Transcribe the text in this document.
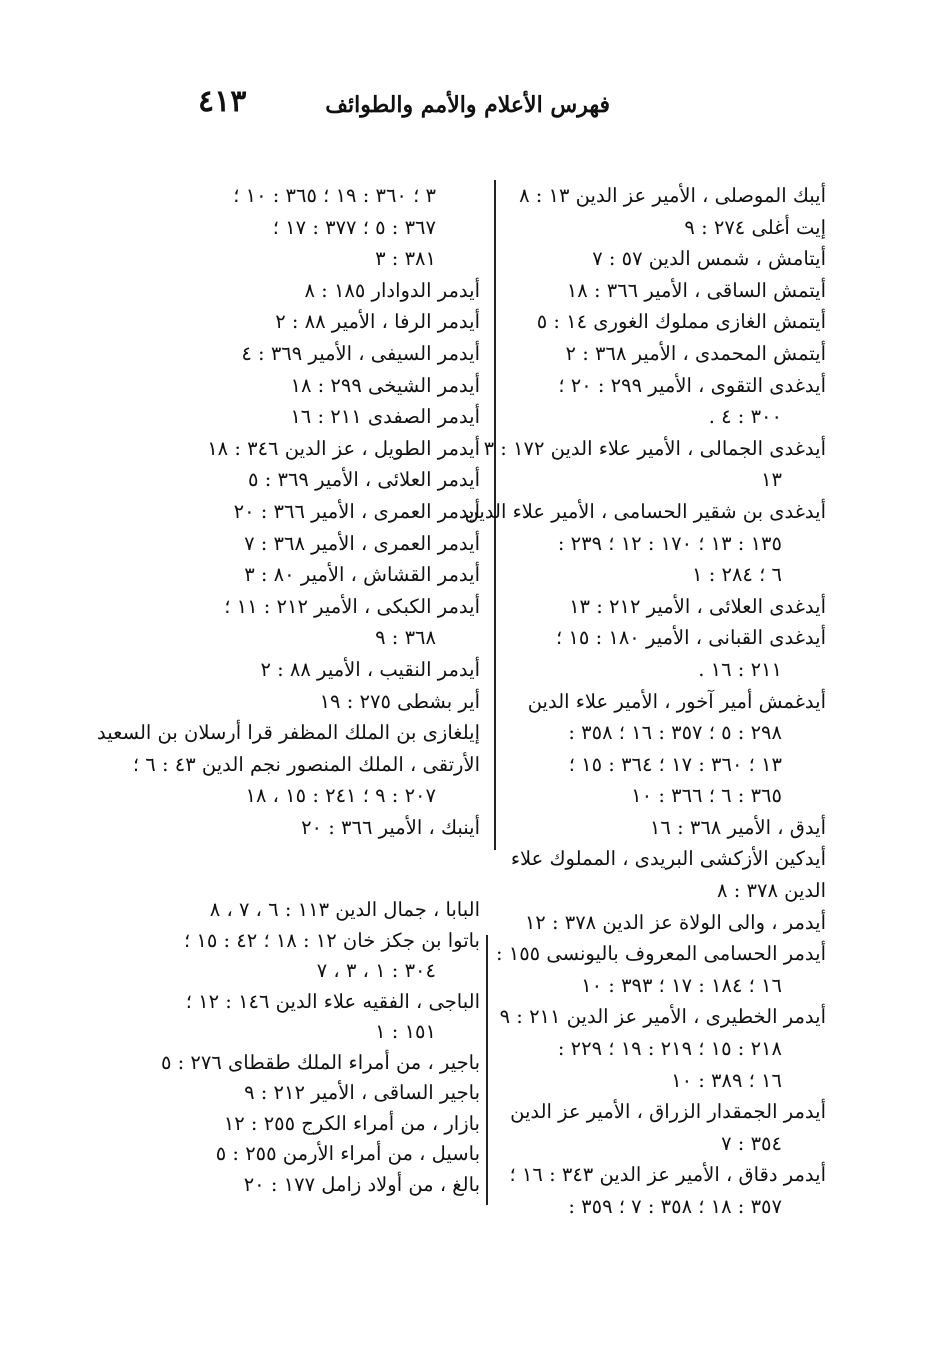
٤١٣	فهرس الأعلام والأمم والطوائف
أيبك الموصلى ، الأمير عز الدين ١٣ : ٨
إيت أغلى ٢٧٤ : ٩
أيتامش ، شمس الدين ٥٧ : ٧
أيتمش الساقى ، الأمير ٣٦٦ : ١٨
أيتمش الغازى مملوك الغورى ١٤ : ٥
أيتمش المحمدى ، الأمير ٣٦٨ : ٢
أيدغدى التقوى ، الأمير ٢٩٩ : ٢٠ ؛
٣٠٠ : ٤ .
أيدغدى الجمالى ، الأمير علاء الدين ١٧٢ : ٣
١٣
أيدغدى بن شقير الحسامى ، الأمير علاء الدين
١٣٥ : ١٣ ؛ ١٧٠ : ١٢ ؛ ٢٣٩ :
٦ ؛ ٢٨٤ : ١
أيدغدى العلائى ، الأمير ٢١٢ : ١٣
أيدغدى القبانى ، الأمير ١٨٠ : ١٥ ؛
٢١١ : ١٦ .
أيدغمش أمير آخور ، الأمير علاء الدين
٢٩٨ : ٥ ؛ ٣٥٧ : ١٦ ؛ ٣٥٨ :
١٣ ؛ ٣٦٠ : ١٧ ؛ ٣٦٤ : ١٥ ؛
٣٦٥ : ٦ ؛ ٣٦٦ : ١٠
أيدق ، الأمير ٣٦٨ : ١٦
أيدكين الأزكشى البريدى ، المملوك علاء
الدين ٣٧٨ : ٨
أيدمر ، والى الولاة عز الدين ٣٧٨ : ١٢
أيدمر الحسامى المعروف باليونسى ١٥٥ :
١٦ ؛ ١٨٤ : ١٧ ؛ ٣٩٣ : ١٠
أيدمر الخطيرى ، الأمير عز الدين ٢١١ : ٩
٢١٨ : ١٥ ؛ ٢١٩ : ١٩ ؛ ٢٢٩ :
١٦ ؛ ٣٨٩ : ١٠
أيدمر الجمقدار الزراق ، الأمير عز الدين
٣٥٤ : ٧
أيدمر دقاق ، الأمير عز الدين ٣٤٣ : ١٦ ؛
٣٥٧ : ١٨ ؛ ٣٥٨ : ٧ ؛ ٣٥٩ :
٣ ؛ ٣٦٠ : ١٩ ؛ ٣٦٥ : ١٠ ؛
٣٦٧ : ٥ ؛ ٣٧٧ : ١٧ ؛
٣٨١ : ٣
أيدمر الدوادار ١٨٥ : ٨
أيدمر الرفا ، الأمير ٨٨ : ٢
أيدمر السيفى ، الأمير ٣٦٩ : ٤
أيدمر الشيخى ٢٩٩ : ١٨
أيدمر الصفدى ٢١١ : ١٦
أيدمر الطويل ، عز الدين ٣٤٦ : ١٨
أيدمر العلائى ، الأمير ٣٦٩ : ٥
أيدمر العمرى ، الأمير ٣٦٦ : ٢٠
أيدمر العمرى ، الأمير ٣٦٨ : ٧
أيدمر القشاش ، الأمير ٨٠ : ٣
أيدمر الكبكى ، الأمير ٢١٢ : ١١ ؛
٣٦٨ : ٩
أيدمر النقيب ، الأمير ٨٨ : ٢
أير بشطى ٢٧٥ : ١٩
إيلغازى بن الملك المظفر قرا أرسلان بن السعيد
الأرتقى ، الملك المنصور نجم الدين ٤٣ : ٦ ؛
٢٠٧ : ٩ ؛ ٢٤١ : ١٥ ، ١٨
أينبك ، الأمير ٣٦٦ : ٢٠
البابا ، جمال الدين ١١٣ : ٦ ، ٧ ، ٨
باتوا بن جكز خان ١٢ : ١٨ ؛ ٤٢ : ١٥ ؛
٣٠٤ : ١ ، ٣ ، ٧
الباجى ، الفقيه علاء الدين ١٤٦ : ١٢ ؛
١٥١ : ١
باجير ، من أمراء الملك طقطاى ٢٧٦ : ٥
باجير الساقى ، الأمير ٢١٢ : ٩
بازار ، من أمراء الكرج ٢٥٥ : ١٢
باسيل ، من أمراء الأرمن ٢٥٥ : ٥
بالغ ، من أولاد زامل ١٧٧ : ٢٠
